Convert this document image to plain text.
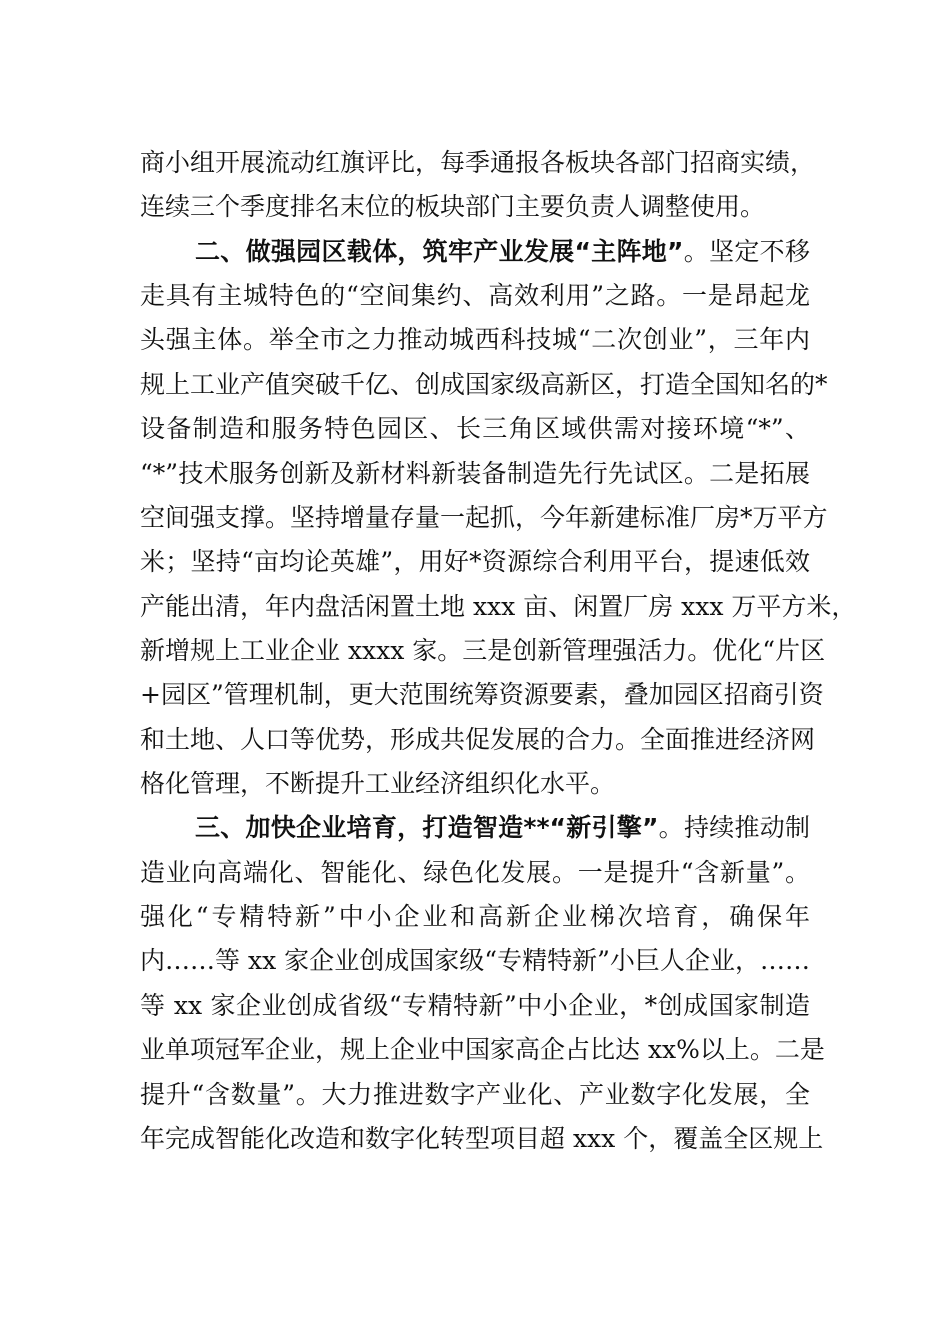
商小组开展流动红旗评比，每季通报各板块各部门招商实绩，
连续三个季度排名末位的板块部门主要负责人调整使用。
二、做强园区载体，筑牢产业发展“主阵地”。坚定不移
走具有主城特色的“空间集约、高效利用”之路。一是昂起龙
头强主体。举全市之力推动城西科技城“二次创业”，三年内
规上工业产值突破千亿、创成国家级高新区，打造全国知名的*
设备制造和服务特色园区、长三角区域供需对接环境“*”、
“*”技术服务创新及新材料新装备制造先行先试区。二是拓展
空间强支撑。坚持增量存量一起抓，今年新建标准厂房*万平方
米；坚持“亩均论英雄”，用好*资源综合利用平台，提速低效
产能出清，年内盘活闲置土地 xxx 亩、闲置厂房 xxx 万平方米，
新增规上工业企业 xxxx 家。三是创新管理强活力。优化“片区
+园区”管理机制，更大范围统筹资源要素，叠加园区招商引资
和土地、人口等优势，形成共促发展的合力。全面推进经济网
格化管理，不断提升工业经济组织化水平。
三、加快企业培育，打造智造**“新引擎”。持续推动制
造业向高端化、智能化、绿色化发展。一是提升“含新量”。
强化“专精特新”中小企业和高新企业梯次培育，确保年
内……等 xx 家企业创成国家级“专精特新”小巨人企业，……
等 xx 家企业创成省级“专精特新”中小企业，*创成国家制造
业单项冠军企业，规上企业中国家高企占比达 xx%以上。二是
提升“含数量”。大力推进数字产业化、产业数字化发展，全
年完成智能化改造和数字化转型项目超 xxx 个，覆盖全区规上
